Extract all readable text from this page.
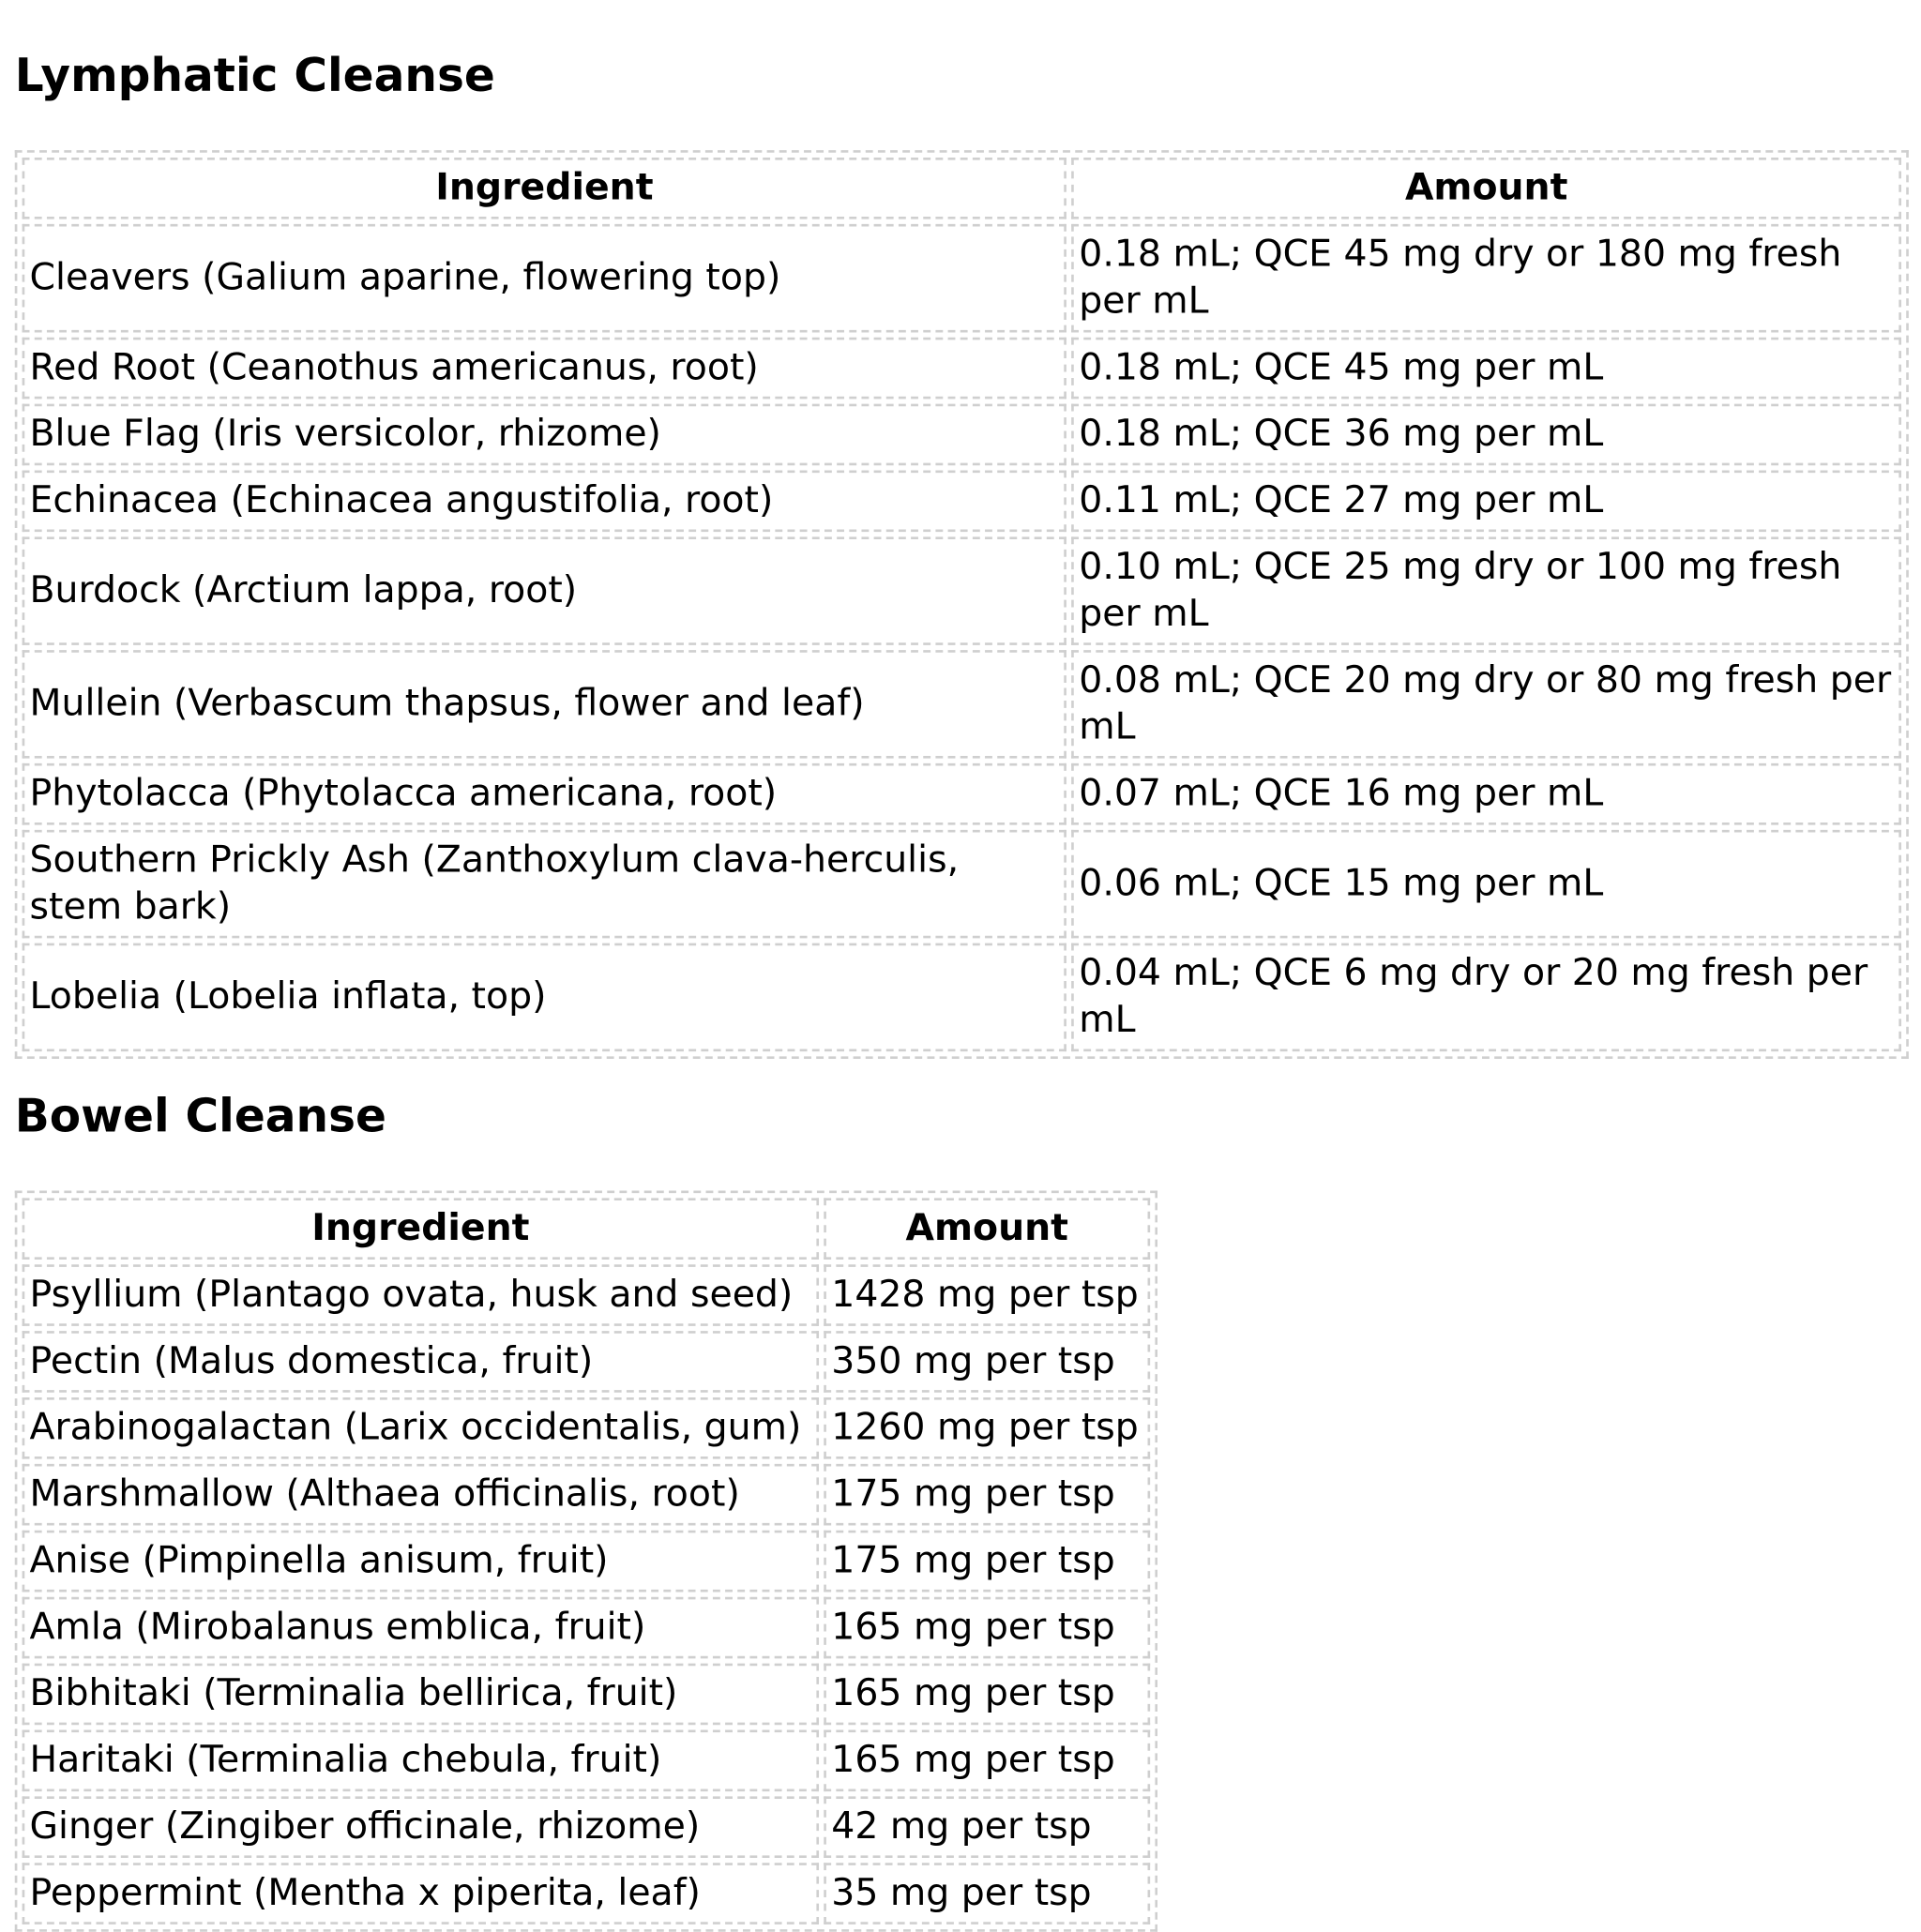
Lymphatic Cleanse
Ingredient	Amount
Cleavers (Galium aparine, flowering top)	0.18 mL; QCE 45 mg dry or 180 mg fresh per mL
Red Root (Ceanothus americanus, root)	0.18 mL; QCE 45 mg per mL
Blue Flag (Iris versicolor, rhizome)	0.18 mL; QCE 36 mg per mL
Echinacea (Echinacea angustifolia, root)	0.11 mL; QCE 27 mg per mL
Burdock (Arctium lappa, root)	0.10 mL; QCE 25 mg dry or 100 mg fresh per mL
Mullein (Verbascum thapsus, flower and leaf)	0.08 mL; QCE 20 mg dry or 80 mg fresh per mL
Phytolacca (Phytolacca americana, root)	0.07 mL; QCE 16 mg per mL
Southern Prickly Ash (Zanthoxylum clava-herculis, stem bark)	0.06 mL; QCE 15 mg per mL
Lobelia (Lobelia inflata, top)	0.04 mL; QCE 6 mg dry or 20 mg fresh per mL
Bowel Cleanse
Ingredient	Amount
Psyllium (Plantago ovata, husk and seed)	1428 mg per tsp
Pectin (Malus domestica, fruit)	350 mg per tsp
Arabinogalactan (Larix occidentalis, gum)	1260 mg per tsp
Marshmallow (Althaea officinalis, root)	175 mg per tsp
Anise (Pimpinella anisum, fruit)	175 mg per tsp
Amla (Mirobalanus emblica, fruit)	165 mg per tsp
Bibhitaki (Terminalia bellirica, fruit)	165 mg per tsp
Haritaki (Terminalia chebula, fruit)	165 mg per tsp
Ginger (Zingiber officinale, rhizome)	42 mg per tsp
Peppermint (Mentha x piperita, leaf)	35 mg per tsp
